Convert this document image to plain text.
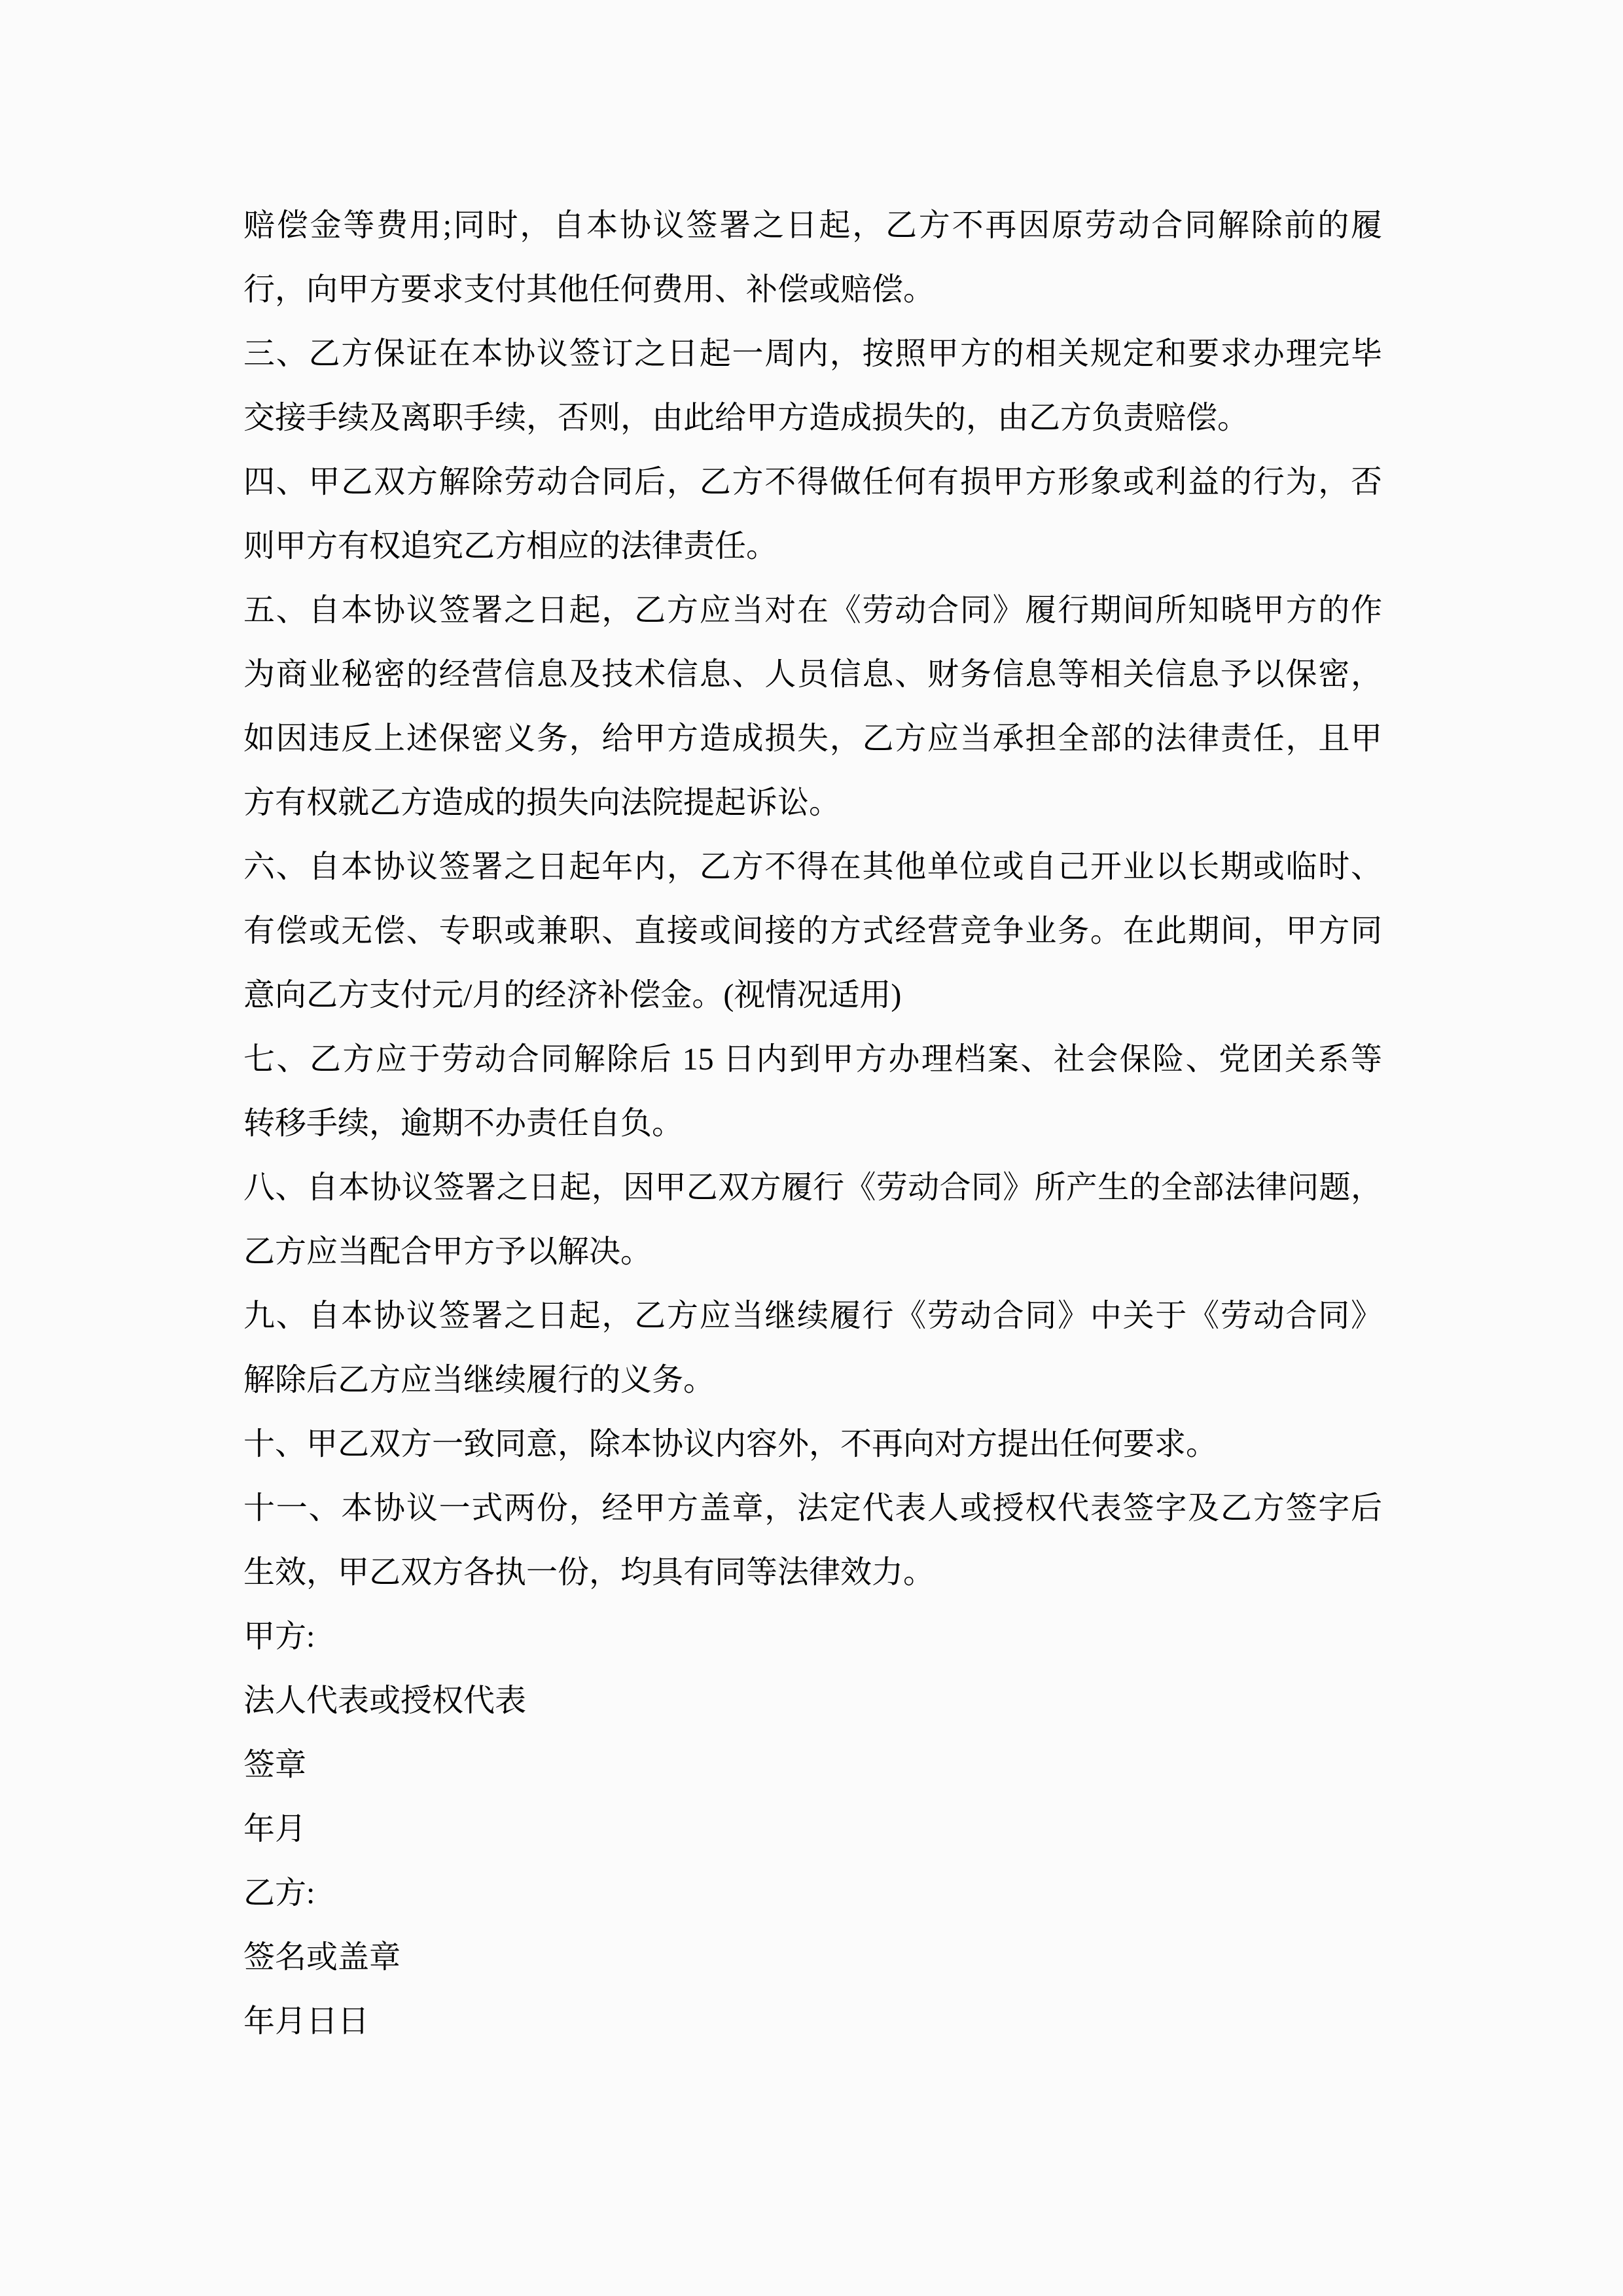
赔偿金等费用;同时，自本协议签署之日起，乙方不再因原劳动合同解除前的履

行，向甲方要求支付其他任何费用、补偿或赔偿。

三、乙方保证在本协议签订之日起一周内，按照甲方的相关规定和要求办理完毕

交接手续及离职手续，否则，由此给甲方造成损失的，由乙方负责赔偿。

四、甲乙双方解除劳动合同后，乙方不得做任何有损甲方形象或利益的行为，否

则甲方有权追究乙方相应的法律责任。

五、自本协议签署之日起，乙方应当对在《劳动合同》履行期间所知晓甲方的作

为商业秘密的经营信息及技术信息、人员信息、财务信息等相关信息予以保密，

如因违反上述保密义务，给甲方造成损失，乙方应当承担全部的法律责任，且甲

方有权就乙方造成的损失向法院提起诉讼。

六、自本协议签署之日起年内，乙方不得在其他单位或自己开业以长期或临时、

有偿或无偿、专职或兼职、直接或间接的方式经营竞争业务。在此期间，甲方同

意向乙方支付元/月的经济补偿金。(视情况适用)

七、乙方应于劳动合同解除后 15 日内到甲方办理档案、社会保险、党团关系等

转移手续，逾期不办责任自负。

八、自本协议签署之日起，因甲乙双方履行《劳动合同》所产生的全部法律问题，

乙方应当配合甲方予以解决。

九、自本协议签署之日起，乙方应当继续履行《劳动合同》中关于《劳动合同》

解除后乙方应当继续履行的义务。

十、甲乙双方一致同意，除本协议内容外，不再向对方提出任何要求。

十一、本协议一式两份，经甲方盖章，法定代表人或授权代表签字及乙方签字后

生效，甲乙双方各执一份，均具有同等法律效力。

甲方:

法人代表或授权代表

签章

年月

乙方:

签名或盖章

年月日日
